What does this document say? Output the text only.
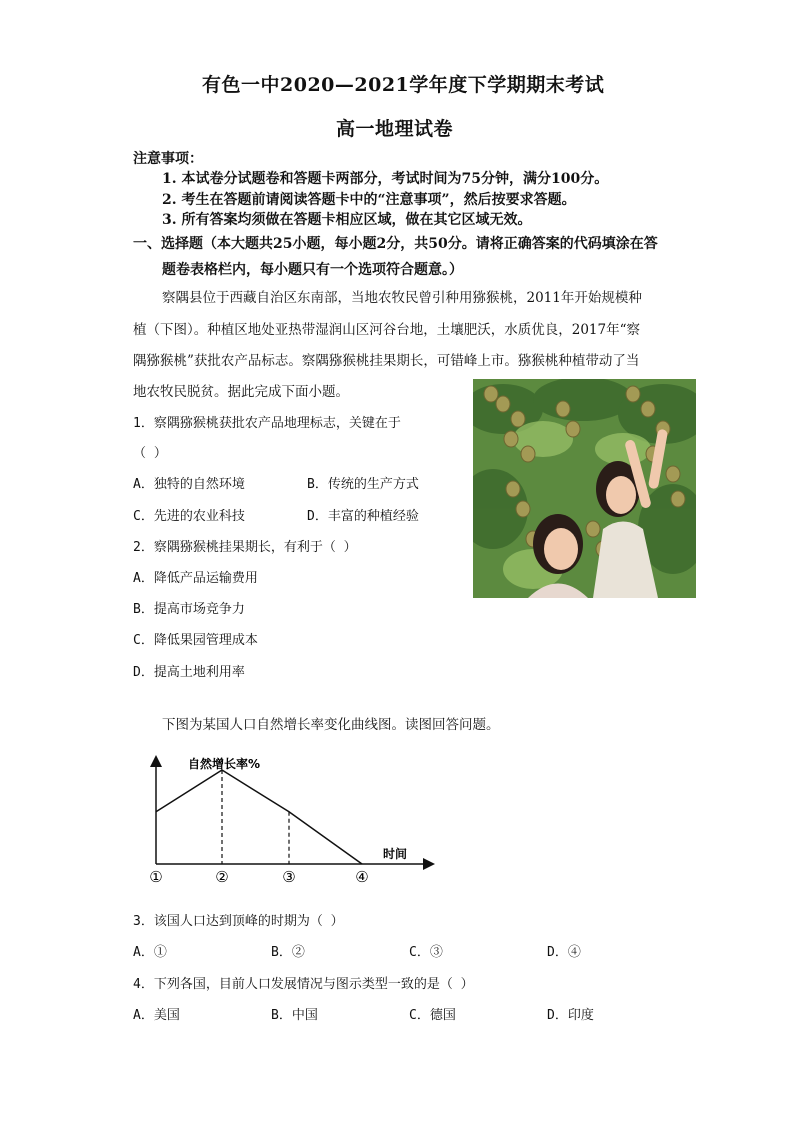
有色一中2020—2021学年度下学期期末考试
高一地理试卷
注意事项：
1. 本试卷分试题卷和答题卡两部分，考试时间为75分钟，满分100分。
2. 考生在答题前请阅读答题卡中的“注意事项”，然后按要求答题。
3. 所有答案均须做在答题卡相应区域，做在其它区域无效。
一、选择题（本大题共25小题，每小题2分，共50分。请将正确答案的代码填涂在答
题卷表格栏内，每小题只有一个选项符合题意。）
察隅县位于西藏自治区东南部，当地农牧民曾引种用猕猴桃，2011年开始规模种
植（下图）。种植区地处亚热带湿润山区河谷台地，土壤肥沃，水质优良，2017年“察
隅猕猴桃”获批农产品标志。察隅猕猴桃挂果期长，可错峰上市。猕猴桃种植带动了当
地农牧民脱贫。据此完成下面小题。
1．察隅猕猴桃获批农产品地理标志，关键在于
（ ）
A．独特的自然环境	B．传统的生产方式
C．先进的农业科技	D．丰富的种植经验
2．察隅猕猴桃挂果期长，有利于（ ）
A．降低产品运输费用
B．提高市场竞争力
C．降低果园管理成本
D．提高土地利用率
下图为某国人口自然增长率变化曲线图。读图回答问题。
自然增长率%
时间
①	②	③	④
3．该国人口达到顶峰的时期为（ ）
A．①	B．②	C．③	D．④
4．下列各国，目前人口发展情况与图示类型一致的是（ ）
A．美国	B．中国	C．德国	D．印度
